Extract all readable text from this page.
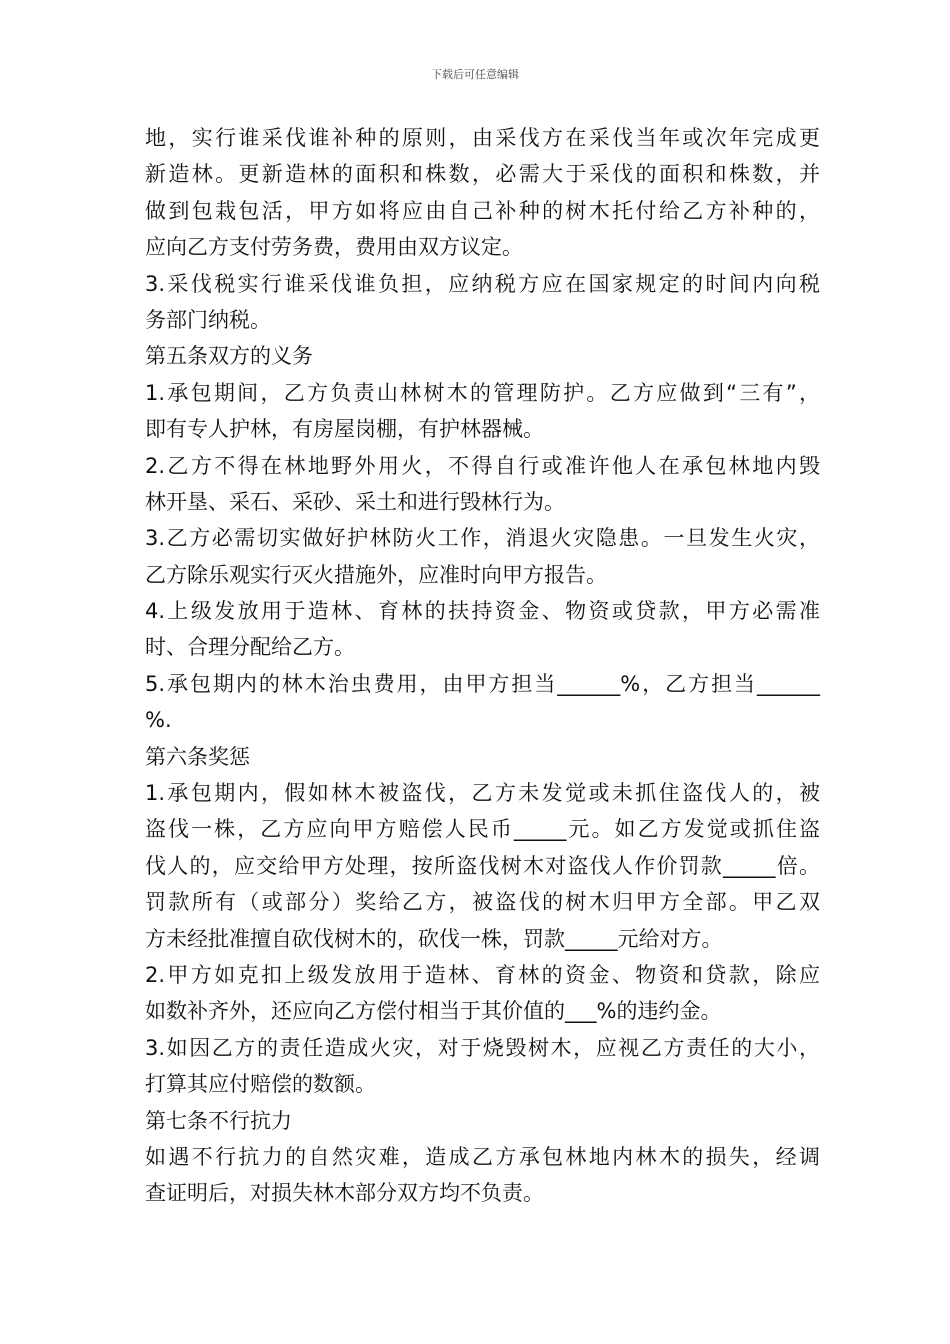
下载后可任意编辑
地，实行谁采伐谁补种的原则，由采伐方在采伐当年或次年完成更
新造林。更新造林的面积和株数，必需大于采伐的面积和株数，并
做到包栽包活，甲方如将应由自己补种的树木托付给乙方补种的，
应向乙方支付劳务费，费用由双方议定。
3.采伐税实行谁采伐谁负担，应纳税方应在国家规定的时间内向税
务部门纳税。
第五条双方的义务
1.承包期间，乙方负责山林树木的管理防护。乙方应做到“三有”，
即有专人护林，有房屋岗棚，有护林器械。
2.乙方不得在林地野外用火，不得自行或准许他人在承包林地内毁
林开垦、采石、采砂、采土和进行毁林行为。
3.乙方必需切实做好护林防火工作，消退火灾隐患。一旦发生火灾，
乙方除乐观实行灭火措施外，应准时向甲方报告。
4.上级发放用于造林、育林的扶持资金、物资或贷款，甲方必需准
时、合理分配给乙方。
5.承包期内的林木治虫费用，由甲方担当______%，乙方担当______
%.
第六条奖惩
1.承包期内，假如林木被盗伐，乙方未发觉或未抓住盗伐人的，被
盗伐一株，乙方应向甲方赔偿人民币_____元。如乙方发觉或抓住盗
伐人的，应交给甲方处理，按所盗伐树木对盗伐人作价罚款_____倍。
罚款所有（或部分）奖给乙方，被盗伐的树木归甲方全部。甲乙双
方未经批准擅自砍伐树木的，砍伐一株，罚款_____元给对方。
2.甲方如克扣上级发放用于造林、育林的资金、物资和贷款，除应
如数补齐外，还应向乙方偿付相当于其价值的___%的违约金。
3.如因乙方的责任造成火灾，对于烧毁树木，应视乙方责任的大小，
打算其应付赔偿的数额。
第七条不行抗力
如遇不行抗力的自然灾难，造成乙方承包林地内林木的损失，经调
查证明后，对损失林木部分双方均不负责。
